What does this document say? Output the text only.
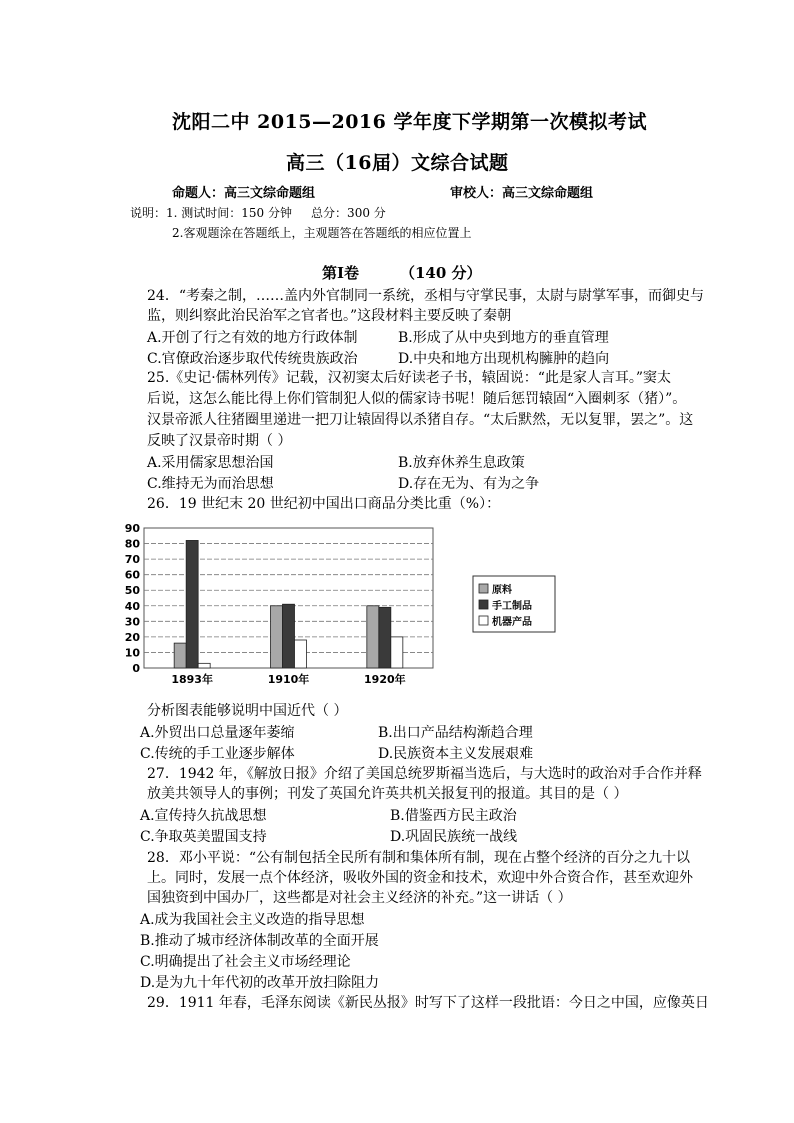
沈阳二中 2015—2016 学年度下学期第一次模拟考试
高三（16届）文综合试题
命题人：高三文综命题组	审校人：高三文综命题组
说明：1. 测试时间：150 分钟     总分：300 分
2.客观题涂在答题纸上，主观题答在答题纸的相应位置上
第Ⅰ卷	（140 分）
24．“考秦之制，……盖内外官制同一系统，丞相与守掌民事，太尉与尉掌军事，而御史与
监，则纠察此治民治军之官者也。”这段材料主要反映了秦朝
A.开创了行之有效的地方行政体制	B.形成了从中央到地方的垂直管理
C.官僚政治逐步取代传统贵族政治	D.中央和地方出现机构臃肿的趋向
25.《史记·儒林列传》记载，汉初窦太后好读老子书，辕固说：“此是家人言耳。”窦太
后说，这怎么能比得上你们管制犯人似的儒家诗书呢！随后惩罚辕固“入圈刺豕（猪）”。
汉景帝派人往猪圈里递进一把刀让辕固得以杀猪自存。“太后默然，无以复罪，罢之”。这
反映了汉景帝时期（ ）
A.采用儒家思想治国	B.放弃休养生息政策
C.维持无为而治思想	D.存在无为、有为之争
26．19 世纪末 20 世纪初中国出口商品分类比重（%）：
0
10
20
30
40
50
60
70
80
90
1893年	1910年	1920年
原料
手工制品
机器产品
分析图表能够说明中国近代（ ）
A.外贸出口总量逐年萎缩	B.出口产品结构渐趋合理
C.传统的手工业逐步解体	D.民族资本主义发展艰难
27．1942 年，《解放日报》介绍了美国总统罗斯福当选后，与大选时的政治对手合作并释
放美共领导人的事例；刊发了英国允许英共机关报复刊的报道。其目的是（ ）
A.宣传持久抗战思想	B.借鉴西方民主政治
C.争取英美盟国支持	D.巩固民族统一战线
28．邓小平说：“公有制包括全民所有制和集体所有制，现在占整个经济的百分之九十以
上。同时，发展一点个体经济，吸收外国的资金和技术，欢迎中外合资合作，甚至欢迎外
国独资到中国办厂，这些都是对社会主义经济的补充。”这一讲话（ ）
A.成为我国社会主义改造的指导思想
B.推动了城市经济体制改革的全面开展
C.明确提出了社会主义市场经理论
D.是为九十年代初的改革开放扫除阻力
29．1911 年春，毛泽东阅读《新民丛报》时写下了这样一段批语：今日之中国，应像英日
